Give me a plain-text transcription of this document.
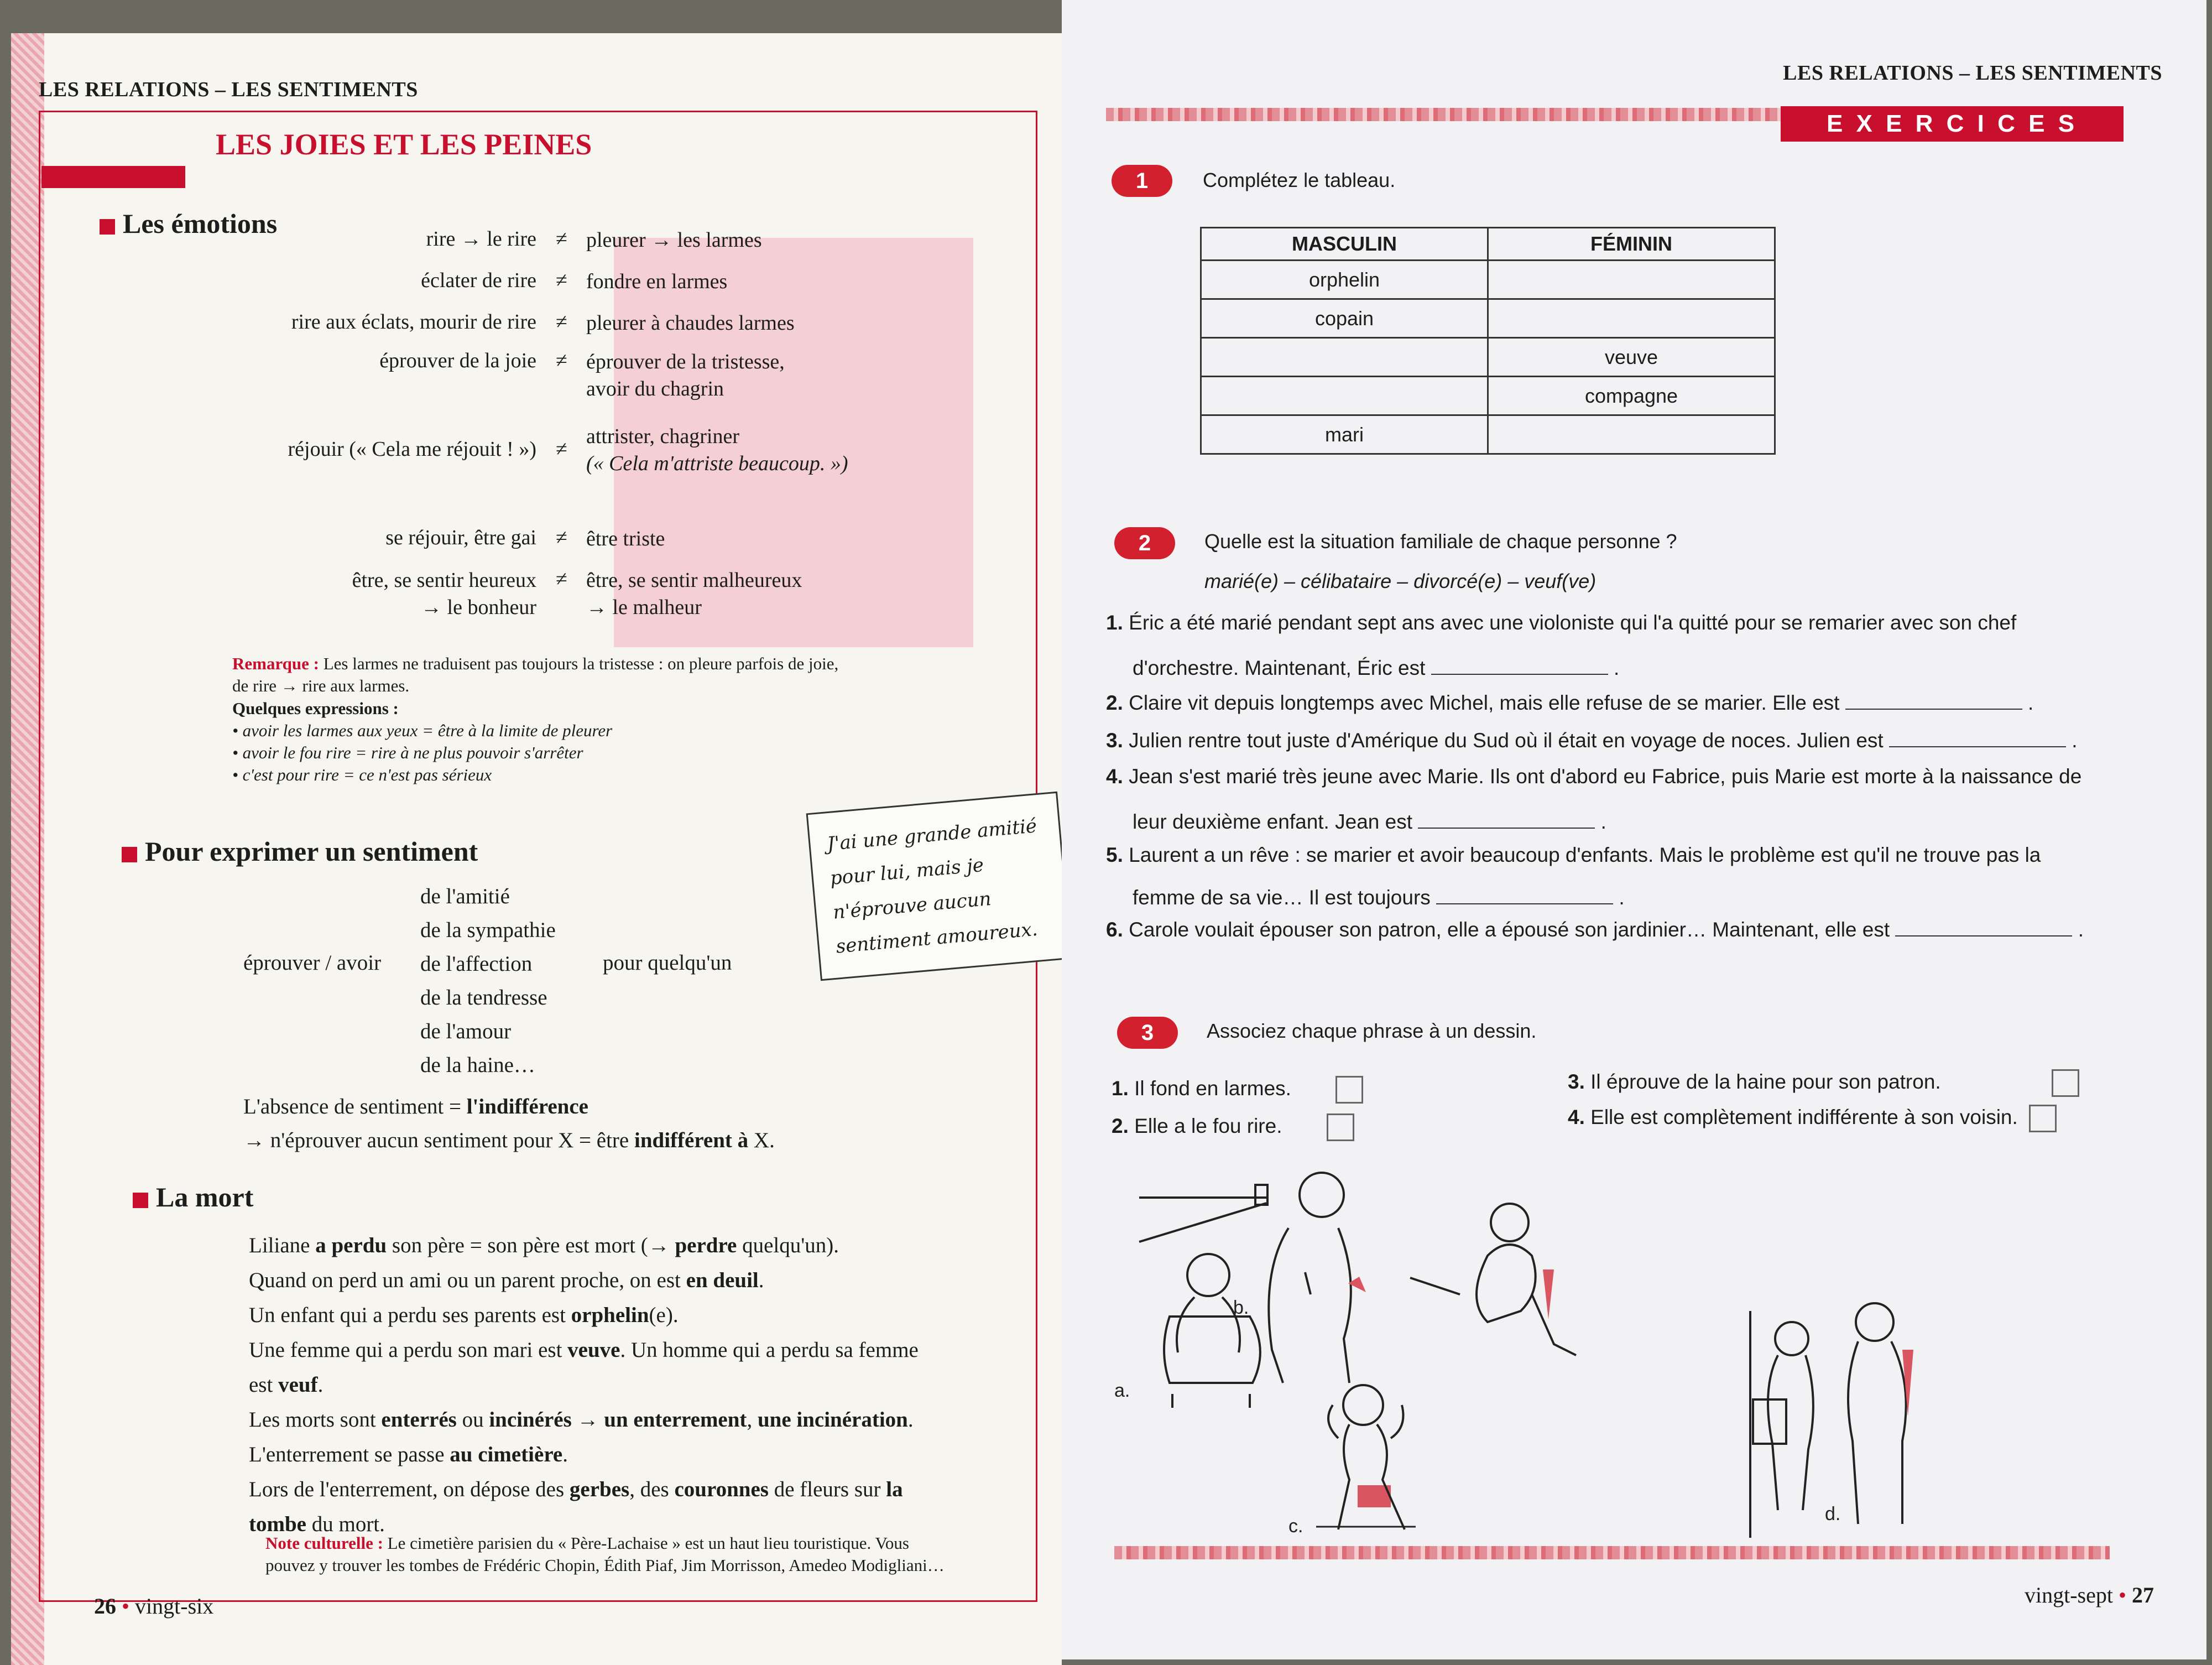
LES RELATIONS – LES SENTIMENTS
LES JOIES ET LES PEINES
Les émotions	rire → le rire ≠ pleurer → les larmes
éclater de rire ≠ fondre en larmes
rire aux éclats, mourir de rire ≠ pleurer à chaudes larmes
éprouver de la joie ≠ éprouver de la tristesse,
avoir du chagrin
réjouir (« Cela me réjouit ! ») ≠
attrister, chagriner
(« Cela m'attriste beaucoup. »)
se réjouir, être gai ≠ être triste
être, se sentir heureux
→ le bonheur
≠ être, se sentir malheureux
→ le malheur
Remarque : Les larmes ne traduisent pas toujours la tristesse : on pleure parfois de joie,
de rire → rire aux larmes.
Quelques expressions :
• avoir les larmes aux yeux = être à la limite de pleurer
• avoir le fou rire = rire à ne plus pouvoir s'arrêter
• c'est pour rire = ce n'est pas sérieux
Pour exprimer un sentiment
éprouver / avoir
de l'amitié
de la sympathie
de l'affection
de la tendresse
de l'amour
de la haine…
pour quelqu'un
J'ai une grande amitié
pour lui, mais je
n'éprouve aucun
sentiment amoureux.
L'absence de sentiment = l'indifférence
→ n'éprouver aucun sentiment pour X = être indifférent à X.
La mort
Liliane a perdu son père = son père est mort (→ perdre quelqu'un).
Quand on perd un ami ou un parent proche, on est en deuil.
Un enfant qui a perdu ses parents est orphelin(e).
Une femme qui a perdu son mari est veuve. Un homme qui a perdu sa femme
est veuf.
Les morts sont enterrés ou incinérés → un enterrement, une incinération.
L'enterrement se passe au cimetière.
Lors de l'enterrement, on dépose des gerbes, des couronnes de fleurs sur la
tombe du mort.
Note culturelle : Le cimetière parisien du « Père-Lachaise » est un haut lieu touristique. Vous
pouvez y trouver les tombes de Frédéric Chopin, Édith Piaf, Jim Morrisson, Amedeo Modigliani…
26 • vingt-six
LES RELATIONS – LES SENTIMENTS
E X E R C I C E S
1	Complétez le tableau.
MASCULIN	FÉMININ
orphelin	
copain	
	veuve
	compagne
mari	
2	Quelle est la situation familiale de chaque personne ?
marié(e) – célibataire – divorcé(e) – veuf(ve)
1. Éric a été marié pendant sept ans avec une violoniste qui l'a quitté pour se remarier avec son chef
d'orchestre. Maintenant, Éric est	.
2. Claire vit depuis longtemps avec Michel, mais elle refuse de se marier. Elle est	.
3. Julien rentre tout juste d'Amérique du Sud où il était en voyage de noces. Julien est	.
4. Jean s'est marié très jeune avec Marie. Ils ont d'abord eu Fabrice, puis Marie est morte à la naissance de
leur deuxième enfant. Jean est	.
5. Laurent a un rêve : se marier et avoir beaucoup d'enfants. Mais le problème est qu'il ne trouve pas la
femme de sa vie… Il est toujours	.
6. Carole voulait épouser son patron, elle a épousé son jardinier… Maintenant, elle est	.
3	Associez chaque phrase à un dessin.
1. Il fond en larmes.
2. Elle a le fou rire.
3. Il éprouve de la haine pour son patron.
4. Elle est complètement indifférente à son voisin.
a.
b.
c.
d.
vingt-sept • 27
